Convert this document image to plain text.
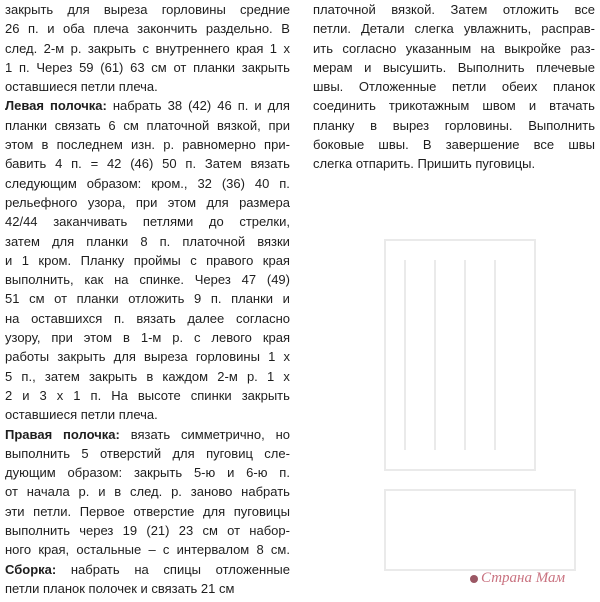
закрыть для выреза горловины средние
26 п. и оба плеча закончить раздельно. В
след. 2-м р. закрыть с внутреннего края 1 х
1 п. Через 59 (61) 63 см от планки закрыть
оставшиеся петли плеча.
Левая полочка: набрать 38 (42) 46 п. и для
планки связать 6 см платочной вязкой, при
этом в последнем изн. р. равномерно при-
бавить 4 п. = 42 (46) 50 п. Затем вязать
следующим образом: кром., 32 (36) 40 п.
рельефного узора, при этом для размера
42/44 заканчивать петлями до стрелки,
затем для планки 8 п. платочной вязки
и 1 кром. Планку проймы с правого края
выполнить, как на спинке. Через 47 (49)
51 см от планки отложить 9 п. планки и
на оставшихся п. вязать далее согласно
узору, при этом в 1-м р. с левого края
работы закрыть для выреза горловины 1 х
5 п., затем закрыть в каждом 2-м р. 1 х
2 и 3 х 1 п. На высоте спинки закрыть
оставшиеся петли плеча.
Правая полочка: вязать симметрично, но
выполнить 5 отверстий для пуговиц сле-
дующим образом: закрыть 5-ю и 6-ю п.
от начала р. и в след. р. заново набрать
эти петли. Первое отверстие для пуговицы
выполнить через 19 (21) 23 см от набор-
ного края, остальные – с интервалом 8 см.
Сборка: набрать на спицы отложенные
петли планок полочек и связать 21 см
платочной вязкой. Затем отложить все
петли. Детали слегка увлажнить, расправ-
ить согласно указанным на выкройке раз-
мерам и высушить. Выполнить плечевые
швы. Отложенные петли обеих планок
соединить трикотажным швом и втачать
планку в вырез горловины. Выполнить
боковые швы. В завершение все швы
слегка отпарить. Пришить пуговицы.
Страна Мам
